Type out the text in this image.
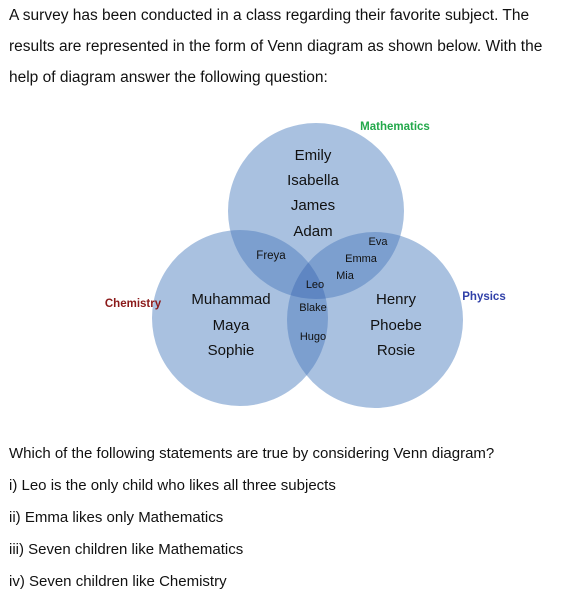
A survey has been conducted in a class regarding their favorite subject. The
results are represented in the form of Venn diagram as shown below. With the
help of diagram answer the following question:
Mathematics
Chemistry
Physics
Emily
Isabella
James
Adam
Muhammad
Maya
Sophie
Henry
Phoebe
Rosie
Freya
Eva
Emma
Mia
Leo
Blake
Hugo

Which of the following statements are true by considering Venn diagram?

i) Leo is the only child who likes all three subjects

ii) Emma likes only Mathematics

iii) Seven children like Mathematics

iv) Seven children like Chemistry
